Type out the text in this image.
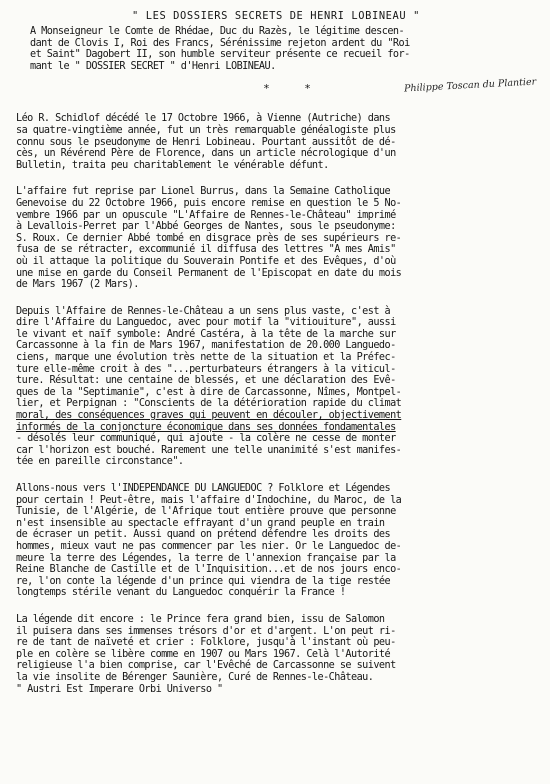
" LES DOSSIERS SECRETS DE HENRI LOBINEAU "
A Monseigneur le Comte de Rhédae, Duc du Razès, le légitime descen-
dant de Clovis I, Roi des Francs, Sérénissime rejeton ardent du "Roi
et Saint" Dagobert II, son humble serviteur présente ce recueil for-
mant le " DOSSIER SECRET " d'Henri LOBINEAU.
Philippe Toscan du Plantier
* *
Léo R. Schidlof décédé le 17 Octobre 1966, à Vienne (Autriche) dans
sa quatre-vingtième année, fut un très remarquable généalogiste plus
connu sous le pseudonyme de Henri Lobineau. Pourtant aussitôt de dé-
cès, un Révérend Père de Florence, dans un article nécrologique d'un
Bulletin, traita peu charitablement le vénérable défunt.
L'affaire fut reprise par Lionel Burrus, dans la Semaine Catholique
Genevoise du 22 Octobre 1966, puis encore remise en question le 5 No-
vembre 1966 par un opuscule "L'Affaire de Rennes-le-Château" imprimé
à Levallois-Perret par l'Abbé Georges de Nantes, sous le pseudonyme:
S. Roux. Ce dernier Abbé tombé en disgrace près de ses supérieurs re-
fusa de se rétracter, excommunié il diffusa des lettres "A mes Amis"
où il attaque la politique du Souverain Pontife et des Evêques, d'où
une mise en garde du Conseil Permanent de l'Episcopat en date du mois
de Mars 1967 (2 Mars).
Depuis l'Affaire de Rennes-le-Château a un sens plus vaste, c'est à
dire l'Affaire du Languedoc, avec pour motif la "vitiouiture", aussi
le vivant et naïf symbole: André Castéra, à la tête de la marche sur
Carcassonne à la fin de Mars 1967, manifestation de 20.000 Languedo-
ciens, marque une évolution très nette de la situation et la Préfec-
ture elle-même croit à des "...perturbateurs étrangers à la viticul-
ture. Résultat: une centaine de blessés, et une déclaration des Evê-
ques de la "Septimanie", c'est à dire de Carcassonne, Nîmes, Montpel-
lier, et Perpignan : "Conscients de la détérioration rapide du climat
moral, des conséquences graves qui peuvent en découler, objectivement
informés de la conjoncture économique dans ses données fondamentales
- désolés leur communiqué, qui ajoute - la colère ne cesse de monter
car l'horizon est bouché. Rarement une telle unanimité s'est manifes-
tée en pareille circonstance".
Allons-nous vers l'INDEPENDANCE DU LANGUEDOC ? Folklore et Légendes
pour certain ! Peut-être, mais l'affaire d'Indochine, du Maroc, de la
Tunisie, de l'Algérie, de l'Afrique tout entière prouve que personne
n'est insensible au spectacle effrayant d'un grand peuple en train
de écraser un petit. Aussi quand on prétend défendre les droits des
hommes, mieux vaut ne pas commencer par les nier. Or le Languedoc de-
meure la terre des Légendes, la terre de l'annexion française par la
Reine Blanche de Castille et de l'Inquisition...et de nos jours enco-
re, l'on conte la légende d'un prince qui viendra de la tige restée
longtemps stérile venant du Languedoc conquérir la France !
La légende dit encore : le Prince fera grand bien, issu de Salomon
il puisera dans ses immenses trésors d'or et d'argent. L'on peut ri-
re de tant de naïveté et crier : Folklore, jusqu'à l'instant où peu-
ple en colère se libère comme en 1907 ou Mars 1967. Celà l'Autorité
religieuse l'a bien comprise, car l'Evêché de Carcassonne se suivent
la vie insolite de Bérenger Saunière, Curé de Rennes-le-Château.
" Austri Est Imperare Orbi Universo "
